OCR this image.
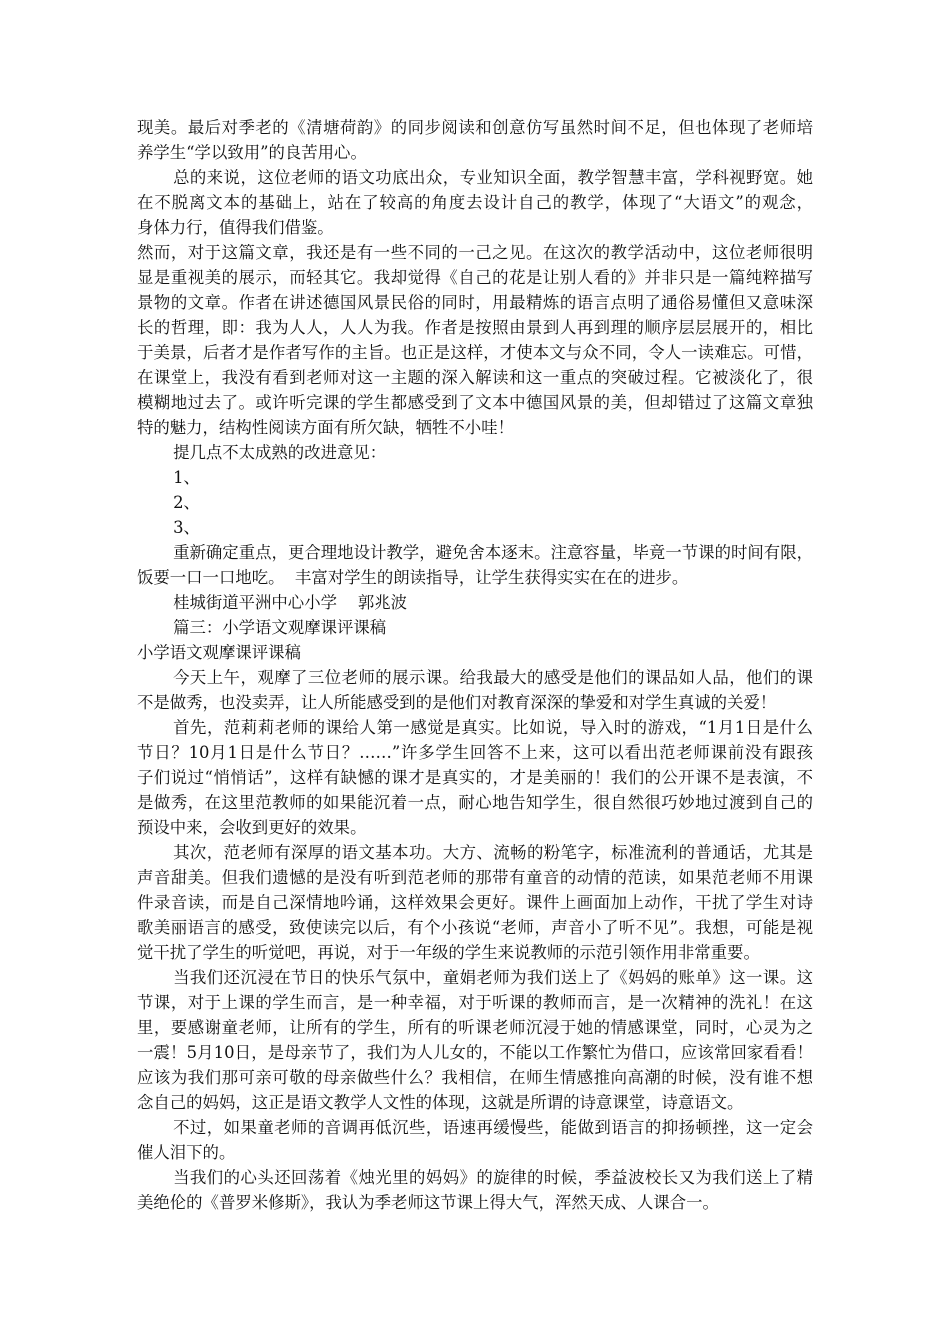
现美。最后对季老的《清塘荷韵》的同步阅读和创意仿写虽然时间不足，但也体现了老师培
养学生“学以致用”的良苦用心。
总的来说，这位老师的语文功底出众，专业知识全面，教学智慧丰富，学科视野宽。她
在不脱离文本的基础上，站在了较高的角度去设计自己的教学，体现了“大语文”的观念，
身体力行，值得我们借鉴。
然而，对于这篇文章，我还是有一些不同的一己之见。在这次的教学活动中，这位老师很明
显是重视美的展示，而轻其它。我却觉得《自己的花是让别人看的》并非只是一篇纯粹描写
景物的文章。作者在讲述德国风景民俗的同时，用最精炼的语言点明了通俗易懂但又意味深
长的哲理，即：我为人人，人人为我。作者是按照由景到人再到理的顺序层层展开的，相比
于美景，后者才是作者写作的主旨。也正是这样，才使本文与众不同，令人一读难忘。可惜，
在课堂上，我没有看到老师对这一主题的深入解读和这一重点的突破过程。它被淡化了，很
模糊地过去了。或许听完课的学生都感受到了文本中德国风景的美，但却错过了这篇文章独
特的魅力，结构性阅读方面有所欠缺，牺牲不小哇！
提几点不太成熟的改进意见：
1、
2、
3、
重新确定重点，更合理地设计教学，避免舍本逐末。注意容量，毕竟一节课的时间有限，
饭要一口一口地吃。  丰富对学生的朗读指导，让学生获得实实在在的进步。
桂城街道平洲中心小学    郭兆波
篇三：小学语文观摩课评课稿
小学语文观摩课评课稿
今天上午，观摩了三位老师的展示课。给我最大的感受是他们的课品如人品，他们的课
不是做秀，也没卖弄，让人所能感受到的是他们对教育深深的挚爱和对学生真诚的关爱！
首先，范莉莉老师的课给人第一感觉是真实。比如说，导入时的游戏，“1月1日是什么
节日？10月1日是什么节日？……”许多学生回答不上来，这可以看出范老师课前没有跟孩
子们说过“悄悄话”，这样有缺憾的课才是真实的，才是美丽的！我们的公开课不是表演，不
是做秀，在这里范教师的如果能沉着一点，耐心地告知学生，很自然很巧妙地过渡到自己的
预设中来，会收到更好的效果。
其次，范老师有深厚的语文基本功。大方、流畅的粉笔字，标准流利的普通话，尤其是
声音甜美。但我们遗憾的是没有听到范老师的那带有童音的动情的范读，如果范老师不用课
件录音读，而是自己深情地吟诵，这样效果会更好。课件上画面加上动作，干扰了学生对诗
歌美丽语言的感受，致使读完以后，有个小孩说“老师，声音小了听不见”。我想，可能是视
觉干扰了学生的听觉吧，再说，对于一年级的学生来说教师的示范引领作用非常重要。
当我们还沉浸在节日的快乐气氛中，童娟老师为我们送上了《妈妈的账单》这一课。这
节课，对于上课的学生而言，是一种幸福，对于听课的教师而言，是一次精神的洗礼！在这
里，要感谢童老师，让所有的学生，所有的听课老师沉浸于她的情感课堂，同时，心灵为之
一震！5月10日，是母亲节了，我们为人儿女的，不能以工作繁忙为借口，应该常回家看看！
应该为我们那可亲可敬的母亲做些什么？我相信，在师生情感推向高潮的时候，没有谁不想
念自己的妈妈，这正是语文教学人文性的体现，这就是所谓的诗意课堂，诗意语文。
不过，如果童老师的音调再低沉些，语速再缓慢些，能做到语言的抑扬顿挫，这一定会
催人泪下的。
当我们的心头还回荡着《烛光里的妈妈》的旋律的时候，季益波校长又为我们送上了精
美绝伦的《普罗米修斯》，我认为季老师这节课上得大气，浑然天成、人课合一。
